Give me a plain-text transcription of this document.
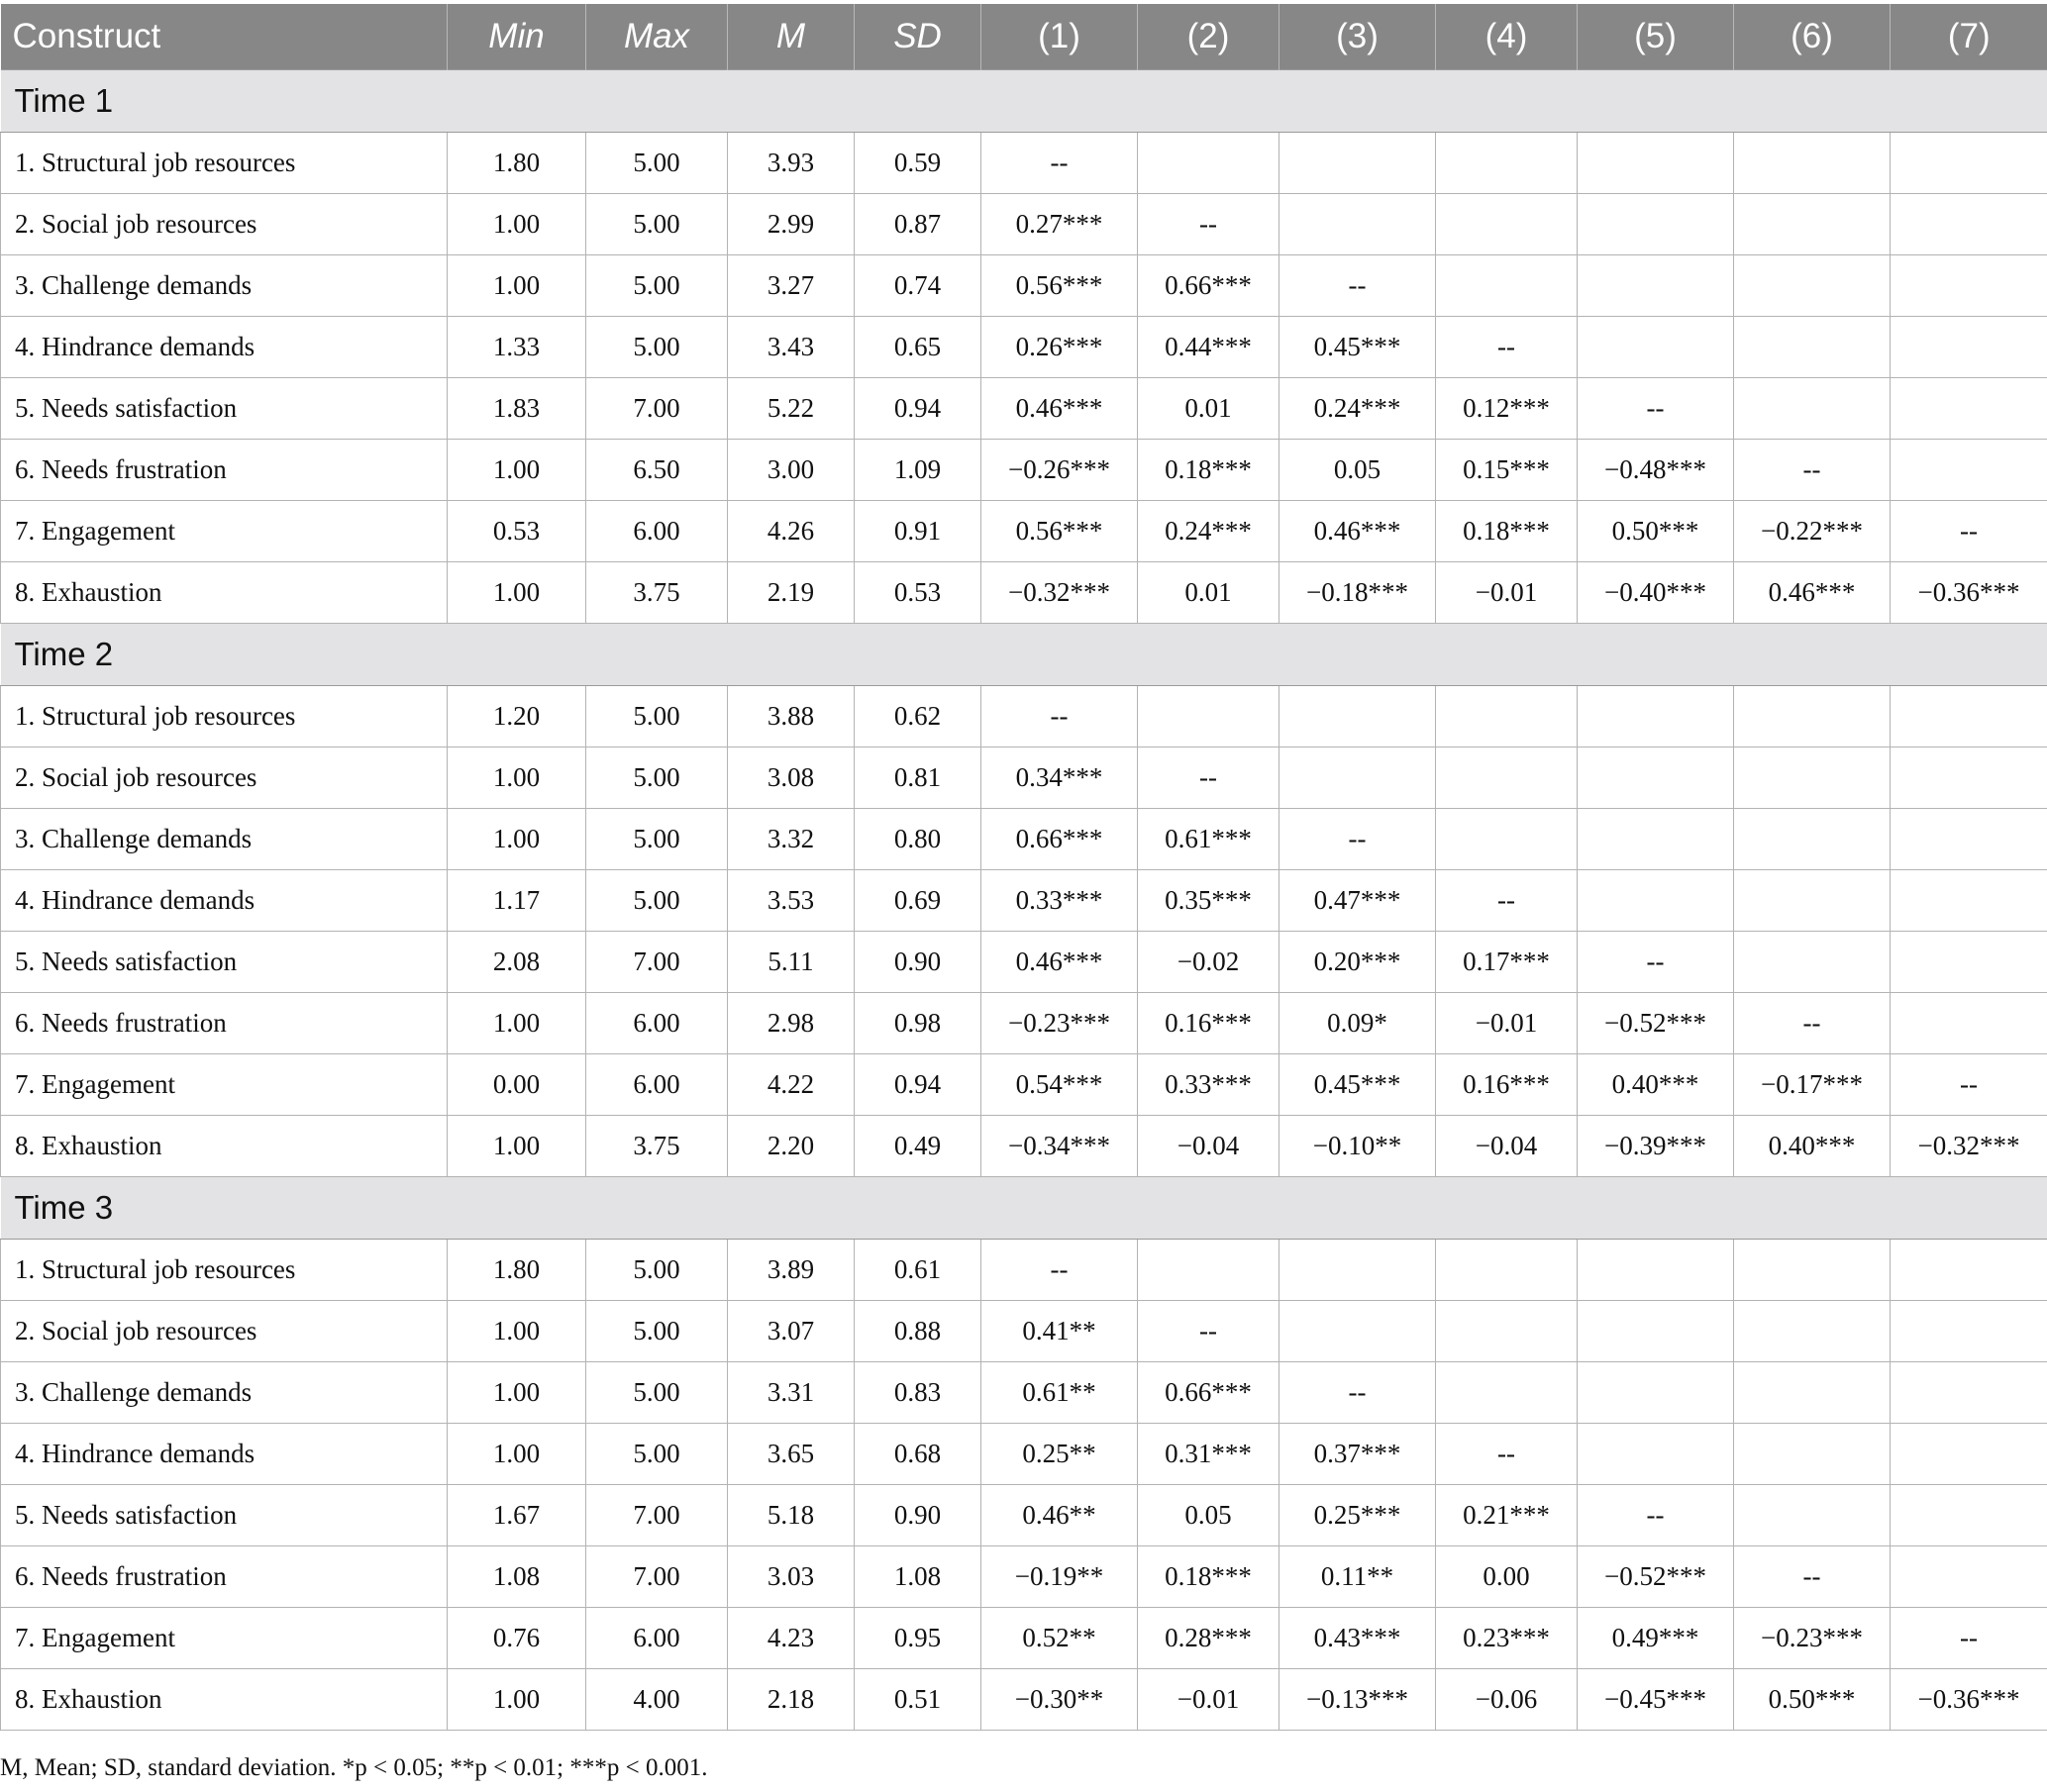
Construct	Min	Max	M	SD	(1)	(2)	(3)	(4)	(5)	(6)	(7)
Time 1											
1. Structural job resources	1.80	5.00	3.93	0.59	--						
2. Social job resources	1.00	5.00	2.99	0.87	0.27***	--					
3. Challenge demands	1.00	5.00	3.27	0.74	0.56***	0.66***	--				
4. Hindrance demands	1.33	5.00	3.43	0.65	0.26***	0.44***	0.45***	--			
5. Needs satisfaction	1.83	7.00	5.22	0.94	0.46***	0.01	0.24***	0.12***	--		
6. Needs frustration	1.00	6.50	3.00	1.09	−0.26***	0.18***	0.05	0.15***	−0.48***	--	
7. Engagement	0.53	6.00	4.26	0.91	0.56***	0.24***	0.46***	0.18***	0.50***	−0.22***	--
8. Exhaustion	1.00	3.75	2.19	0.53	−0.32***	0.01	−0.18***	−0.01	−0.40***	0.46***	−0.36***
Time 2											
1. Structural job resources	1.20	5.00	3.88	0.62	--						
2. Social job resources	1.00	5.00	3.08	0.81	0.34***	--					
3. Challenge demands	1.00	5.00	3.32	0.80	0.66***	0.61***	--				
4. Hindrance demands	1.17	5.00	3.53	0.69	0.33***	0.35***	0.47***	--			
5. Needs satisfaction	2.08	7.00	5.11	0.90	0.46***	−0.02	0.20***	0.17***	--		
6. Needs frustration	1.00	6.00	2.98	0.98	−0.23***	0.16***	0.09*	−0.01	−0.52***	--	
7. Engagement	0.00	6.00	4.22	0.94	0.54***	0.33***	0.45***	0.16***	0.40***	−0.17***	--
8. Exhaustion	1.00	3.75	2.20	0.49	−0.34***	−0.04	−0.10**	−0.04	−0.39***	0.40***	−0.32***
Time 3											
1. Structural job resources	1.80	5.00	3.89	0.61	--						
2. Social job resources	1.00	5.00	3.07	0.88	0.41**	--					
3. Challenge demands	1.00	5.00	3.31	0.83	0.61**	0.66***	--				
4. Hindrance demands	1.00	5.00	3.65	0.68	0.25**	0.31***	0.37***	--			
5. Needs satisfaction	1.67	7.00	5.18	0.90	0.46**	0.05	0.25***	0.21***	--		
6. Needs frustration	1.08	7.00	3.03	1.08	−0.19**	0.18***	0.11**	0.00	−0.52***	--	
7. Engagement	0.76	6.00	4.23	0.95	0.52**	0.28***	0.43***	0.23***	0.49***	−0.23***	--
8. Exhaustion	1.00	4.00	2.18	0.51	−0.30**	−0.01	−0.13***	−0.06	−0.45***	0.50***	−0.36***
M, Mean; SD, standard deviation. *p < 0.05; **p < 0.01; ***p < 0.001.
